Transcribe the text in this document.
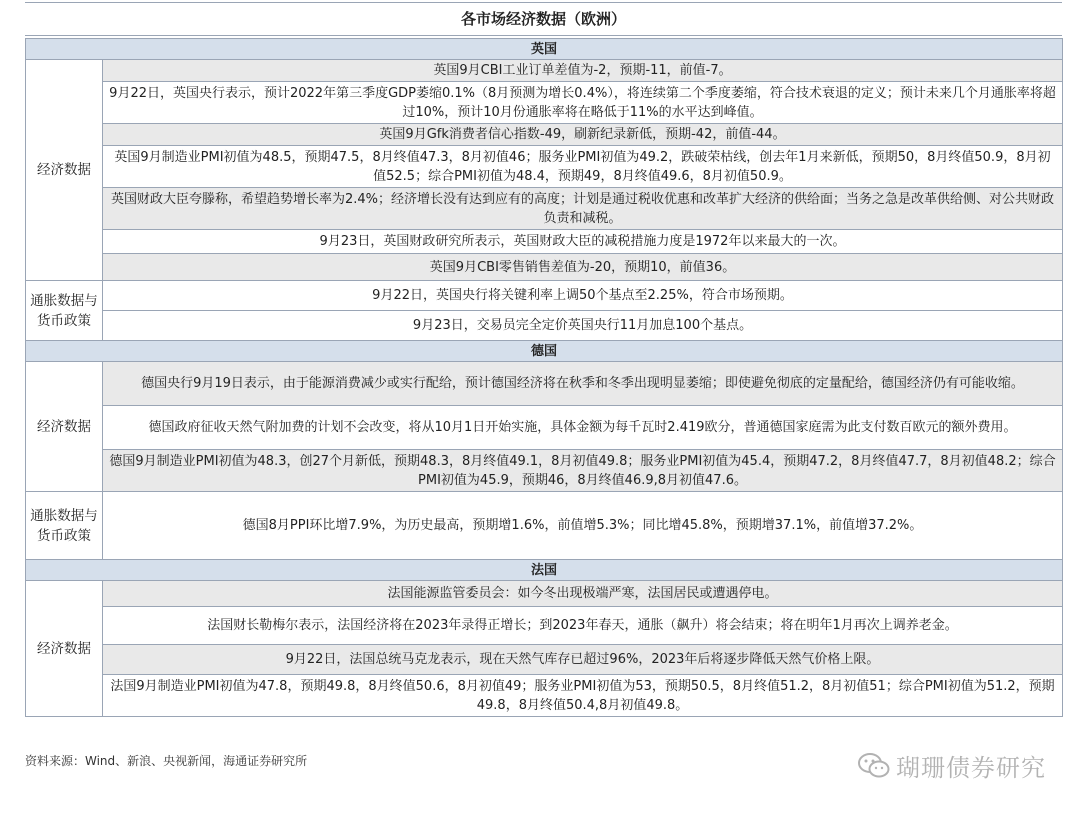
各市场经济数据（欧洲）
英国	
经济数据	英国9月CBI工业订单差值为-2，预期-11，前值-7。
	9月22日，英国央行表示，预计2022年第三季度GDP萎缩0.1%（8月预测为增长0.4%），将连续第二个季度萎缩，符合技术衰退的定义；预计未来几个月通胀率将超过10%，预计10月份通胀率将在略低于11%的水平达到峰值。
	英国9月Gfk消费者信心指数-49，刷新纪录新低，预期-42，前值-44。
	英国9月制造业PMI初值为48.5，预期47.5，8月终值47.3，8月初值46；服务业PMI初值为49.2，跌破荣枯线，创去年1月来新低，预期50，8月终值50.9，8月初值52.5；综合PMI初值为48.4，预期49，8月终值49.6，8月初值50.9。
	英国财政大臣夸滕称，希望趋势增长率为2.4%；经济增长没有达到应有的高度；计划是通过税收优惠和改革扩大经济的供给面；当务之急是改革供给侧、对公共财政负责和减税。
	9月23日，英国财政研究所表示，英国财政大臣的减税措施力度是1972年以来最大的一次。
	英国9月CBI零售销售差值为-20，预期10，前值36。
通胀数据与货币政策	9月22日，英国央行将关键利率上调50个基点至2.25%，符合市场预期。
	9月23日，交易员完全定价英国央行11月加息100个基点。
德国	
经济数据	德国央行9月19日表示，由于能源消费减少或实行配给，预计德国经济将在秋季和冬季出现明显萎缩；即使避免彻底的定量配给，德国经济仍有可能收缩。
	德国政府征收天然气附加费的计划不会改变，将从10月1日开始实施，具体金额为每千瓦时2.419欧分，普通德国家庭需为此支付数百欧元的额外费用。
	德国9月制造业PMI初值为48.3，创27个月新低，预期48.3，8月终值49.1，8月初值49.8；服务业PMI初值为45.4，预期47.2，8月终值47.7，8月初值48.2；综合PMI初值为45.9，预期46，8月终值46.9,8月初值47.6。
通胀数据与货币政策	德国8月PPI环比增7.9%，为历史最高，预期增1.6%，前值增5.3%；同比增45.8%，预期增37.1%，前值增37.2%。
法国	
经济数据	法国能源监管委员会：如今冬出现极端严寒，法国居民或遭遇停电。
	法国财长勒梅尔表示，法国经济将在2023年录得正增长；到2023年春天，通胀（飙升）将会结束；将在明年1月再次上调养老金。
	9月22日，法国总统马克龙表示，现在天然气库存已超过96%，2023年后将逐步降低天然气价格上限。
	法国9月制造业PMI初值为47.8，预期49.8，8月终值50.6，8月初值49；服务业PMI初值为53，预期50.5，8月终值51.2，8月初值51；综合PMI初值为51.2，预期49.8，8月终值50.4,8月初值49.8。
资料来源：Wind、新浪、央视新闻，海通证券研究所	瑚珊债券研究
